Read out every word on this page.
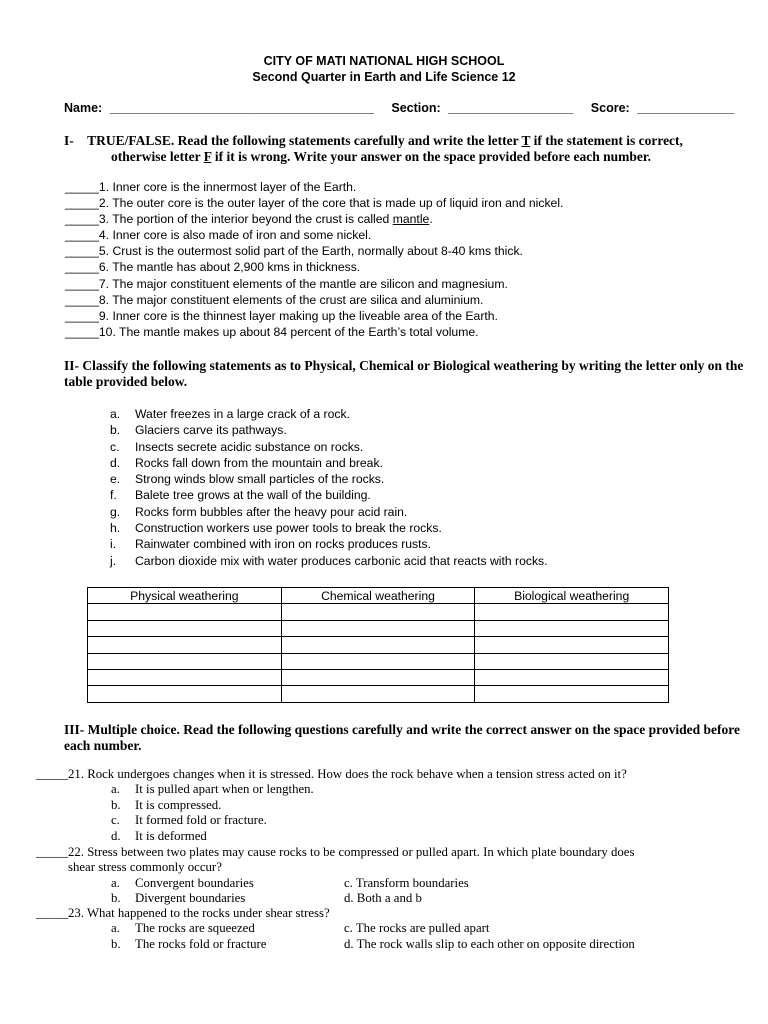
CITY OF MATI NATIONAL HIGH SCHOOL
Second Quarter in Earth and Life Science 12
Name: ______________________________________ Section: __________________ Score: ______________
I- TRUE/FALSE. Read the following statements carefully and write the letter T if the statement is correct,
otherwise letter F if it is wrong. Write your answer on the space provided before each number.
_____1. Inner core is the innermost layer of the Earth.
_____2. The outer core is the outer layer of the core that is made up of liquid iron and nickel.
_____3. The portion of the interior beyond the crust is called mantle.
_____4. Inner core is also made of iron and some nickel.
_____5. Crust is the outermost solid part of the Earth, normally about 8-40 kms thick.
_____6. The mantle has about 2,900 kms in thickness.
_____7. The major constituent elements of the mantle are silicon and magnesium.
_____8. The major constituent elements of the crust are silica and aluminium.
_____9. Inner core is the thinnest layer making up the liveable area of the Earth.
_____10. The mantle makes up about 84 percent of the Earth’s total volume.
II- Classify the following statements as to Physical, Chemical or Biological weathering by writing the letter only on the table provided below.
a. Water freezes in a large crack of a rock.
b. Glaciers carve its pathways.
c. Insects secrete acidic substance on rocks.
d. Rocks fall down from the mountain and break.
e. Strong winds blow small particles of the rocks.
f. Balete tree grows at the wall of the building.
g. Rocks form bubbles after the heavy pour acid rain.
h. Construction workers use power tools to break the rocks.
i. Rainwater combined with iron on rocks produces rusts.
j. Carbon dioxide mix with water produces carbonic acid that reacts with rocks.
Physical weathering	Chemical weathering	Biological weathering

III- Multiple choice. Read the following questions carefully and write the correct answer on the space provided before each number.
_____21. Rock undergoes changes when it is stressed. How does the rock behave when a tension stress acted on it?
a. It is pulled apart when or lengthen.
b. It is compressed.
c. It formed fold or fracture.
d. It is deformed
_____22. Stress between two plates may cause rocks to be compressed or pulled apart. In which plate boundary does
shear stress commonly occur?
a. Convergent boundaries	c. Transform boundaries
b. Divergent boundaries	d. Both a and b
_____23. What happened to the rocks under shear stress?
a. The rocks are squeezed	c. The rocks are pulled apart
b. The rocks fold or fracture	d. The rock walls slip to each other on opposite direction
